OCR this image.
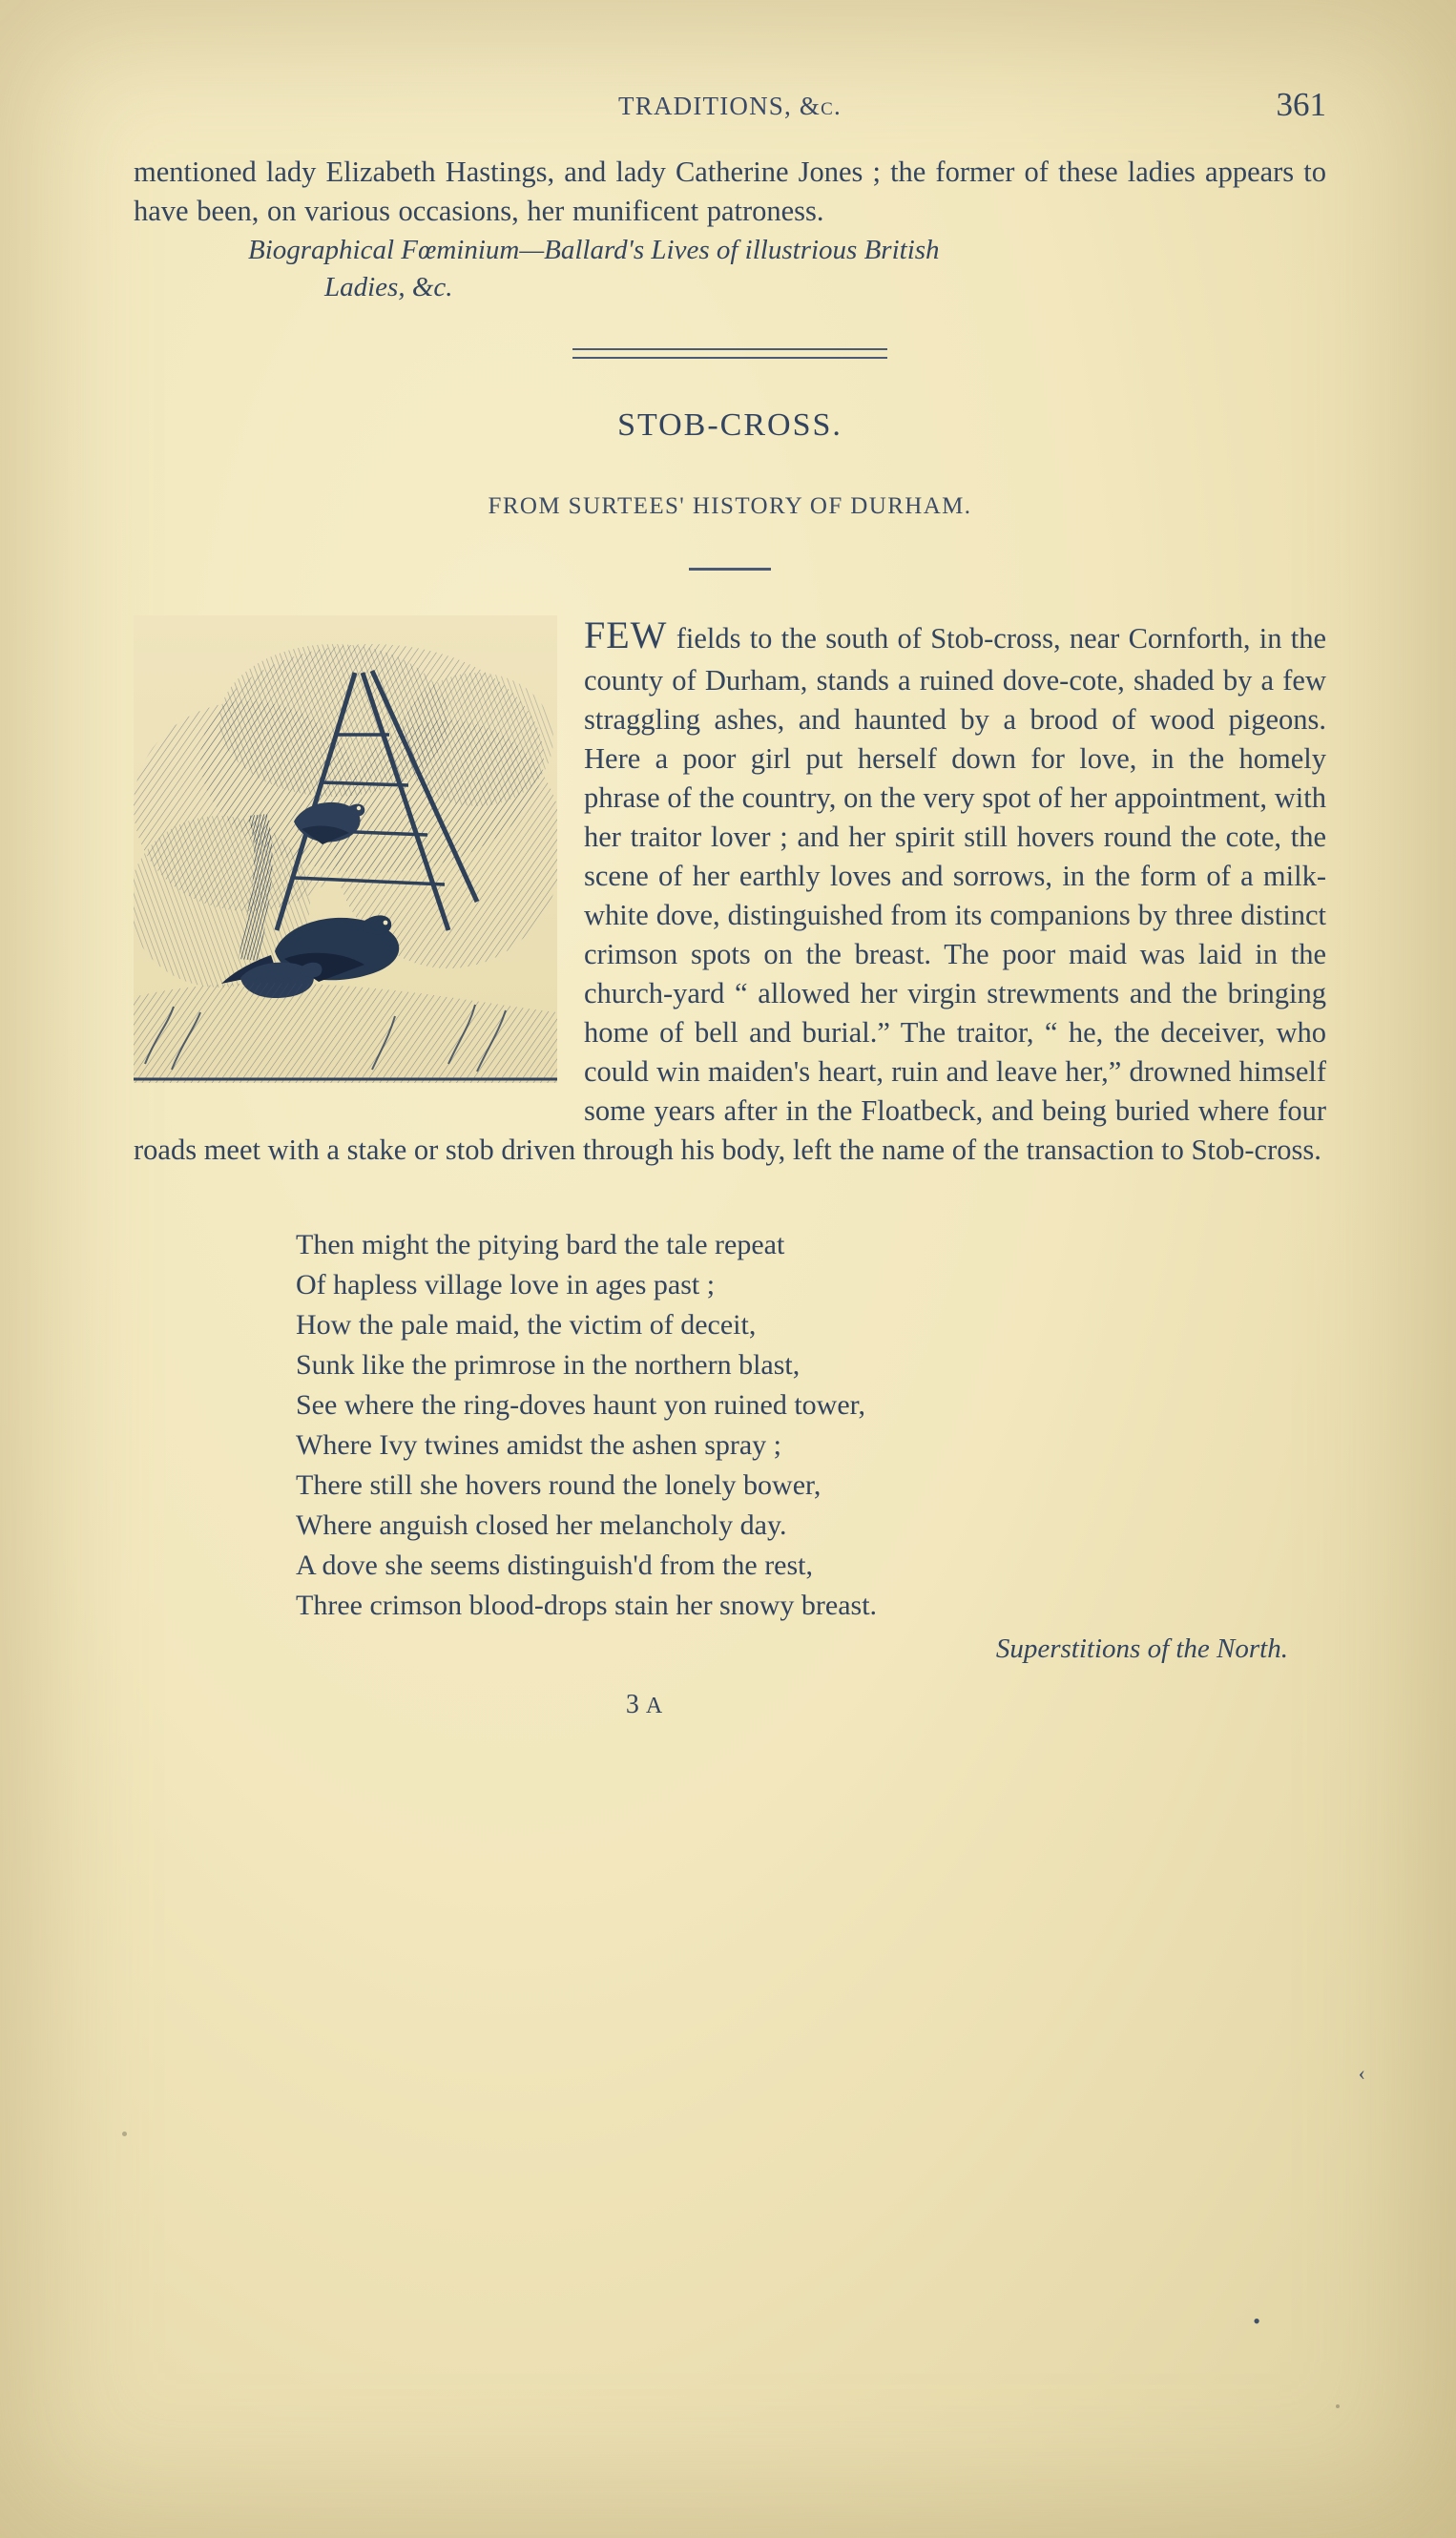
TRADITIONS, &c.	361

mentioned lady Elizabeth Hastings, and lady Catherine Jones ; the former of these ladies appears to have been, on various occasions, her munificent patroness.

Biographical Fœminium—Ballard's Lives of illustrious British
Ladies, &c.
STOB-CROSS.
FROM SURTEES' HISTORY OF DURHAM.

FEW fields to the south of Stob-cross, near Cornforth, in the county of Durham, stands a ruined dove-cote, shaded by a few straggling ashes, and haunted by a brood of wood pigeons. Here a poor girl put herself down for love, in the homely phrase of the country, on the very spot of her appointment, with her traitor lover ; and her spirit still hovers round the cote, the scene of her earthly loves and sorrows, in the form of a milk-white dove, distinguished from its companions by three distinct crimson spots on the breast. The poor maid was laid in the church-yard “ allowed her virgin strewments and the bringing home of bell and burial.” The traitor, “ he, the deceiver, who could win maiden's heart, ruin and leave her,” drowned himself some years after in the Floatbeck, and being buried where four roads meet with a stake or stob driven through his body, left the name of the transaction to Stob-cross.

Then might the pitying bard the tale repeat
Of hapless village love in ages past ;
How the pale maid, the victim of deceit,
Sunk like the primrose in the northern blast,
See where the ring-doves haunt yon ruined tower,
Where Ivy twines amidst the ashen spray ;
There still she hovers round the lonely bower,
Where anguish closed her melancholy day.
A dove she seems distinguish'd from the rest,
Three crimson blood-drops stain her snowy breast.
Superstitions of the North.
3 A
‹
•
